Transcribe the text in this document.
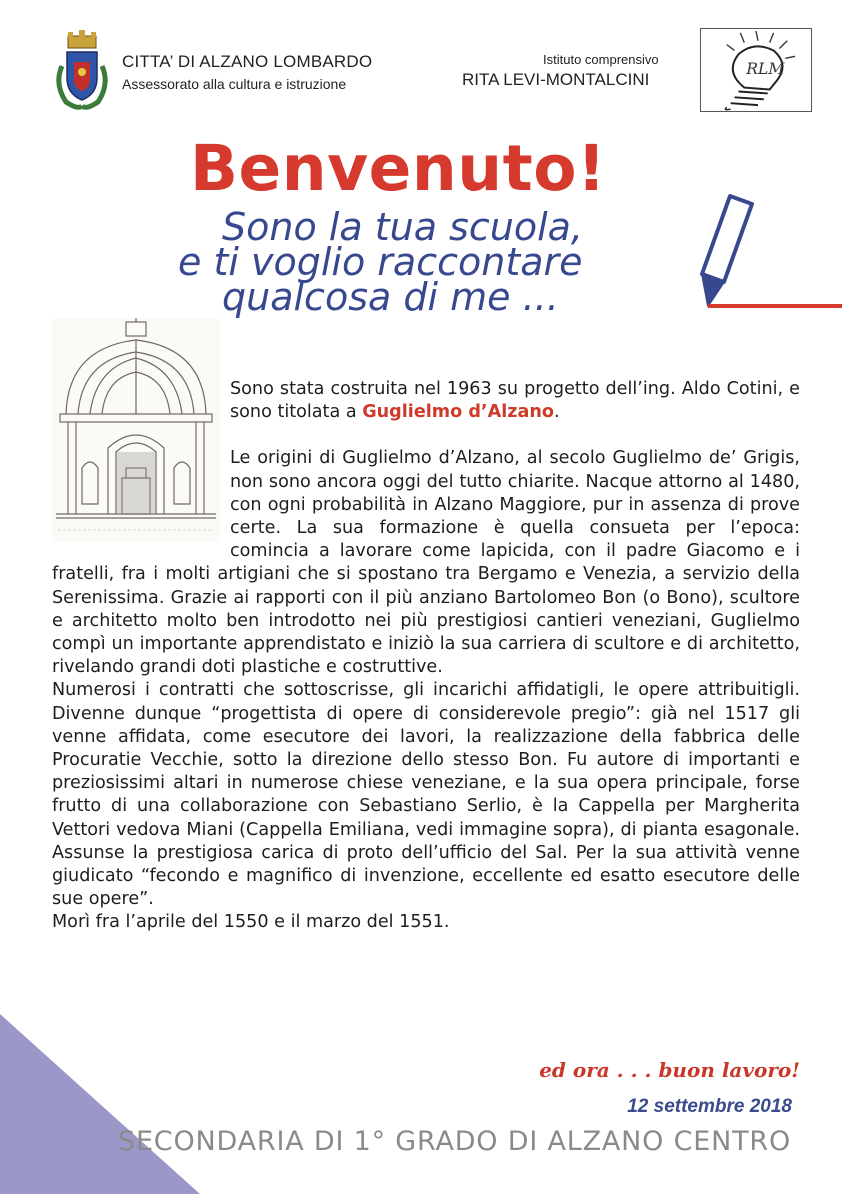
CITTA’ DI ALZANO LOMBARDO
Assessorato alla cultura e istruzione
Istituto comprensivo
RITA LEVI-MONTALCINI
RLM
Benvenuto!
Sono la tua scuola,
e ti voglio raccontare
qualcosa di me ...

Sono stata costruita nel 1963 su progetto dell’ing. Aldo Cotini, e sono titolata a Guglielmo d’Alzano.

Le origini di Guglielmo d’Alzano, al secolo Guglielmo de’ Grigis, non sono ancora oggi del tutto chiarite. Nacque attorno al 1480, con ogni probabilità in Alzano Maggiore, pur in assenza di prove certe. La sua formazione è quella consueta per l’epoca: comincia a lavorare come lapicida, con il padre Giacomo e i fratelli, fra i molti artigiani che si spostano tra Bergamo e Venezia, a servizio della Serenissima. Grazie ai rapporti con il più anziano Bartolomeo Bon (o Bono), scultore e architetto molto ben introdotto nei più prestigiosi cantieri veneziani, Guglielmo compì un importante apprendistato e iniziò la sua carriera di scultore e di architetto, rivelando grandi doti plastiche e costruttive.

Numerosi i contratti che sottoscrisse, gli incarichi affidatigli, le opere attribuitigli. Divenne dunque “progettista di opere di considerevole pregio”: già nel 1517 gli venne affidata, come esecutore dei lavori, la realizzazione della fabbrica delle Procuratie Vecchie, sotto la direzione dello stesso Bon. Fu autore di importanti e preziosissimi altari in numerose chiese veneziane, e la sua opera principale, forse frutto di una collaborazione con Sebastiano Serlio, è la Cappella per Margherita Vettori vedova Miani (Cappella Emiliana, vedi immagine sopra), di pianta esagonale. Assunse la prestigiosa carica di proto dell’ufficio del Sal. Per la sua attività venne giudicato “fecondo e magnifico di invenzione, eccellente ed esatto esecutore delle sue opere”.

Morì fra l’aprile del 1550 e il marzo del 1551.

ed ora . . . buon lavoro!
12 settembre 2018
SECONDARIA DI 1° GRADO DI ALZANO CENTRO
